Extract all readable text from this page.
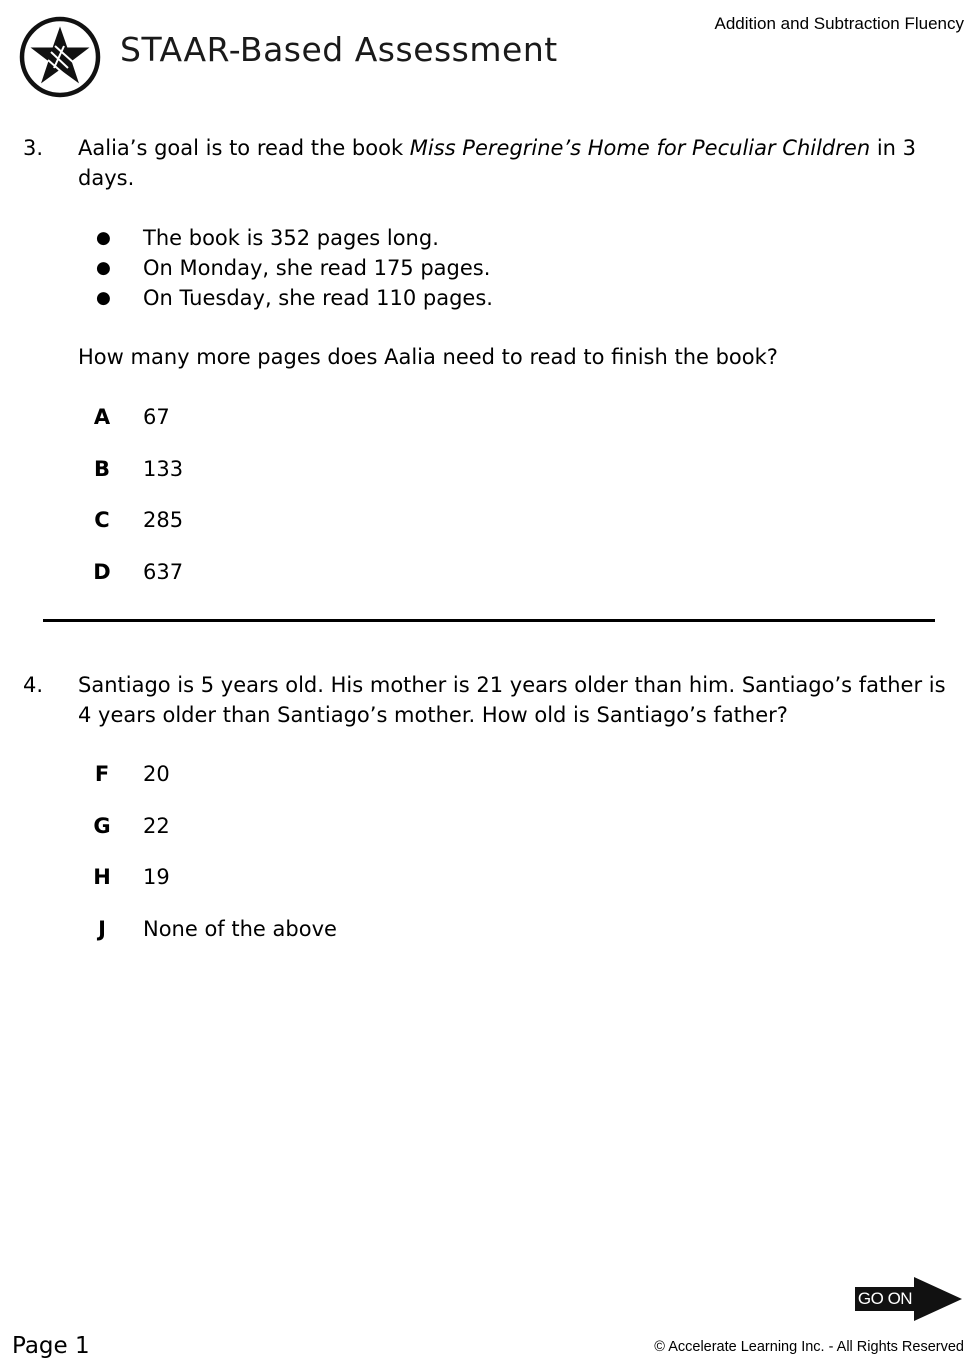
STAAR-Based Assessment
Addition and Subtraction Fluency
3. Aalia’s goal is to read the book Miss Peregrine’s Home for Peculiar Children in 3 days.
● The book is 352 pages long.
● On Monday, she read 175 pages.
● On Tuesday, she read 110 pages.
How many more pages does Aalia need to read to finish the book?
A	67
B	133
C	285
D	637
4. Santiago is 5 years old. His mother is 21 years older than him. Santiago’s father is 4 years older than Santiago’s mother. How old is Santiago’s father?
F	20
G	22
H	19
J	None of the above
GO ON
Page 1	© Accelerate Learning Inc. - All Rights Reserved
